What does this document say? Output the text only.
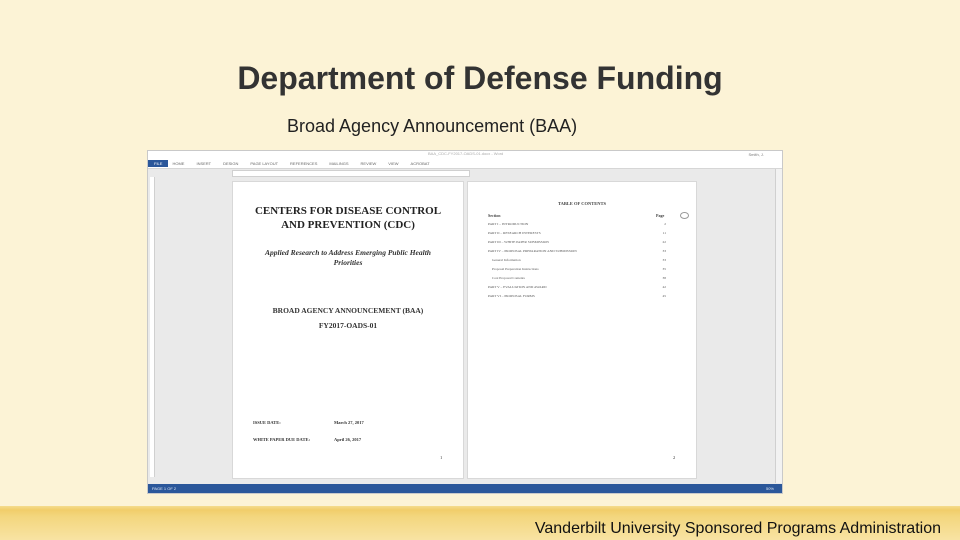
Department of Defense Funding
Broad Agency Announcement (BAA)
BAA_CDC-FY2017-OADS-01.docx - Word	Smith, J.
FILE	HOME	INSERT	DESIGN	PAGE LAYOUT	REFERENCES	MAILINGS	REVIEW	VIEW	ACROBAT
CENTERS FOR DISEASE CONTROL
AND PREVENTION (CDC)
Applied Research to Address Emerging Public Health
Priorities
BROAD AGENCY ANNOUNCEMENT (BAA)
FY2017-OADS-01
ISSUE DATE:	March 27, 2017
WHITE PAPER DUE DATE:	April 26, 2017
1
TABLE OF CONTENTS
Section	Page
PART I – INTRODUCTION	2
PART II – RESEARCH INTERESTS	11
PART III – WHITE PAPER SUBMISSION	22
PART IV – PROPOSAL PREPARATION AND SUBMISSION	33
General Information	33
Proposal Preparation Instructions	35
Cost Proposal Contents	38
PART V – EVALUATION AND AWARD	42
PART VI – PROPOSAL FORMS	45
2
PAGE 1 OF 2	50%
Vanderbilt University Sponsored Programs Administration
